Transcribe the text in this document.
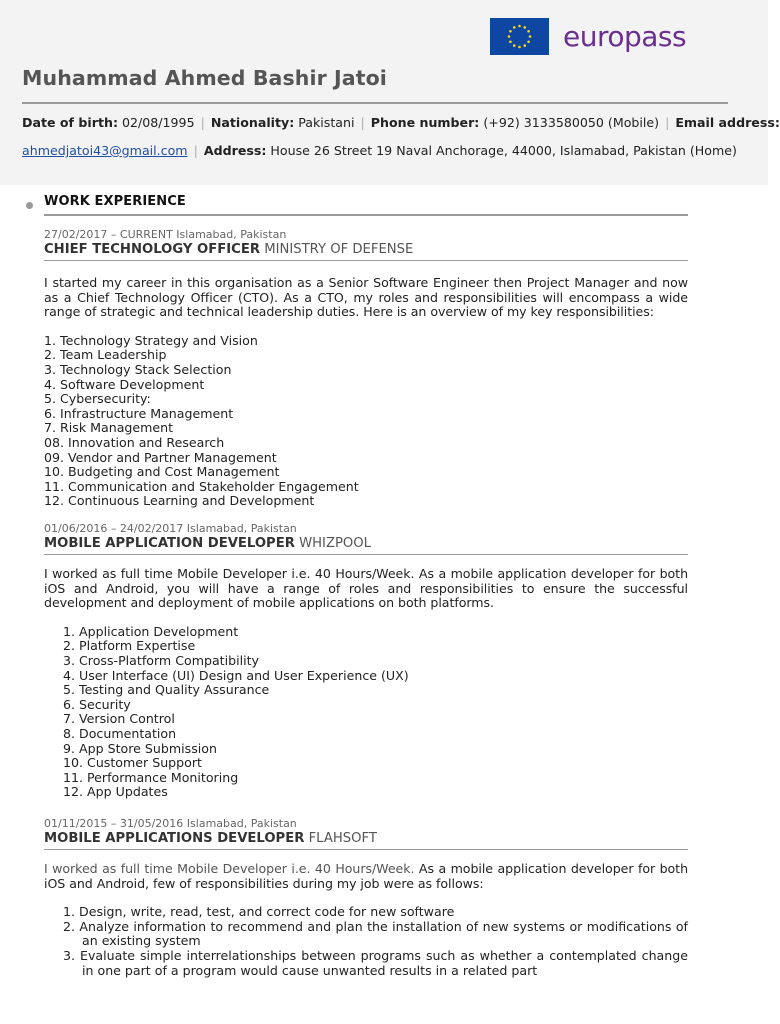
europass
Muhammad Ahmed Bashir Jatoi
Date of birth: 02/08/1995 | Nationality: Pakistani | Phone number: (+92) 3133580050 (Mobile) | Email address:
ahmedjatoi43@gmail.com | Address: House 26 Street 19 Naval Anchorage, 44000, Islamabad, Pakistan (Home)
WORK EXPERIENCE
27/02/2017 – CURRENT Islamabad, Pakistan
CHIEF TECHNOLOGY OFFICER MINISTRY OF DEFENSE
I started my career in this organisation as a Senior Software Engineer then Project Manager and now as a Chief Technology Officer (CTO). As a CTO, my roles and responsibilities will encompass a wide range of strategic and technical leadership duties. Here is an overview of my key responsibilities:
1. Technology Strategy and Vision
2. Team Leadership
3. Technology Stack Selection
4. Software Development
5. Cybersecurity:
6. Infrastructure Management
7. Risk Management
08. Innovation and Research
09. Vendor and Partner Management
10. Budgeting and Cost Management
11. Communication and Stakeholder Engagement
12. Continuous Learning and Development
01/06/2016 – 24/02/2017 Islamabad, Pakistan
MOBILE APPLICATION DEVELOPER WHIZPOOL
I worked as full time Mobile Developer i.e. 40 Hours/Week. As a mobile application developer for both iOS and Android, you will have a range of roles and responsibilities to ensure the successful development and deployment of mobile applications on both platforms.
1. Application Development
2. Platform Expertise
3. Cross-Platform Compatibility
4. User Interface (UI) Design and User Experience (UX)
5. Testing and Quality Assurance
6. Security
7. Version Control
8. Documentation
9. App Store Submission
10. Customer Support
11. Performance Monitoring
12. App Updates
01/11/2015 – 31/05/2016 Islamabad, Pakistan
MOBILE APPLICATIONS DEVELOPER FLAHSOFT
I worked as full time Mobile Developer i.e. 40 Hours/Week. As a mobile application developer for both iOS and Android, few of responsibilities during my job were as follows:
1. Design, write, read, test, and correct code for new software
2. Analyze information to recommend and plan the installation of new systems or modifications of an existing system
3. Evaluate simple interrelationships between programs such as whether a contemplated change in one part of a program would cause unwanted results in a related part
